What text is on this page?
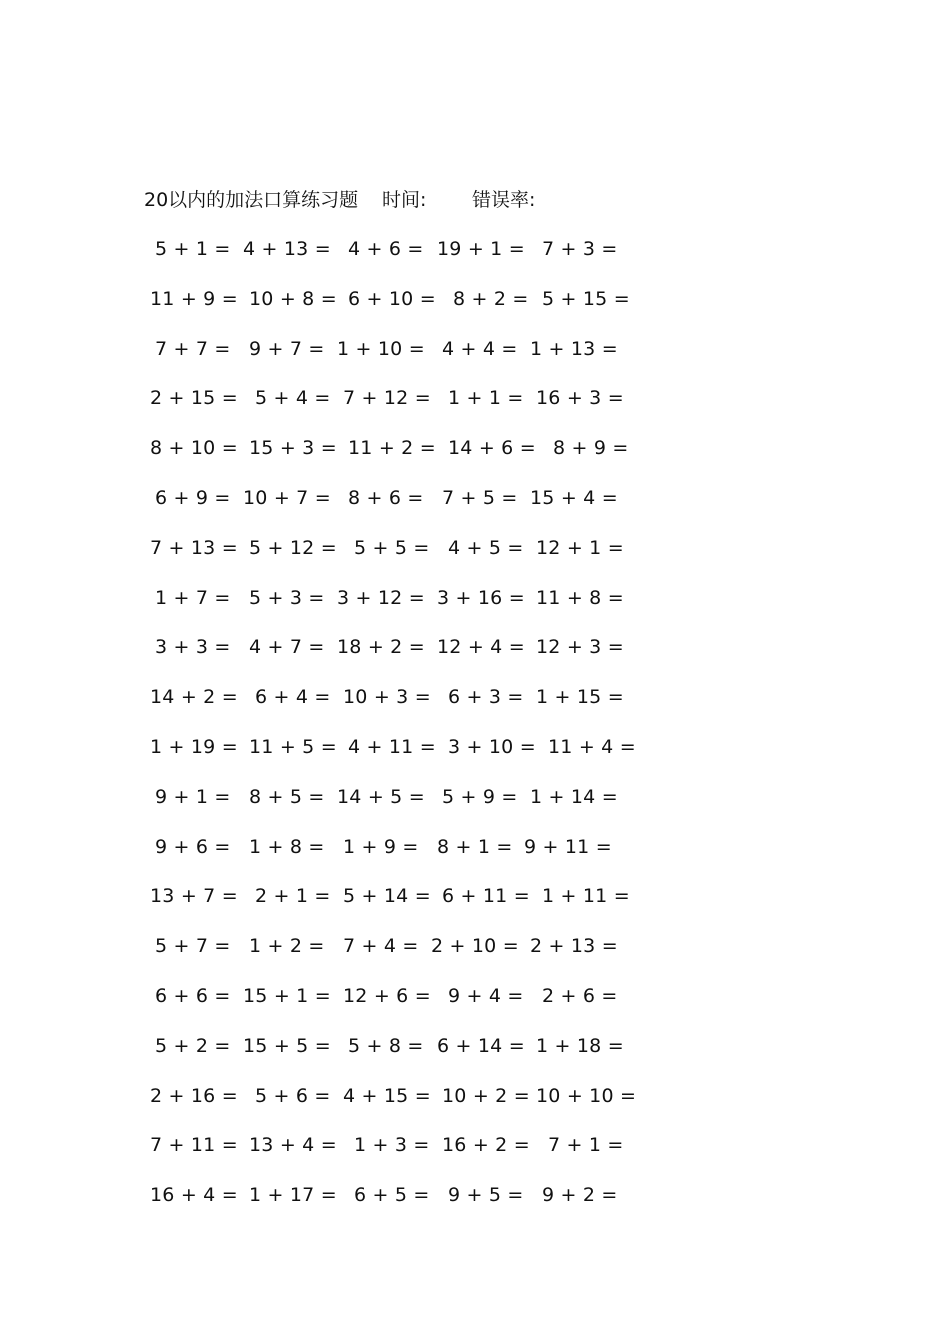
20以内的加法口算练习题 时间: 错误率:
5 + 1 = 4 + 13 = 4 + 6 = 19 + 1 = 7 + 3 =
11 + 9 = 10 + 8 = 6 + 10 = 8 + 2 = 5 + 15 =
7 + 7 = 9 + 7 = 1 + 10 = 4 + 4 = 1 + 13 =
2 + 15 = 5 + 4 = 7 + 12 = 1 + 1 = 16 + 3 =
8 + 10 = 15 + 3 = 11 + 2 = 14 + 6 = 8 + 9 =
6 + 9 = 10 + 7 = 8 + 6 = 7 + 5 = 15 + 4 =
7 + 13 = 5 + 12 = 5 + 5 = 4 + 5 = 12 + 1 =
1 + 7 = 5 + 3 = 3 + 12 = 3 + 16 = 11 + 8 =
3 + 3 = 4 + 7 = 18 + 2 = 12 + 4 = 12 + 3 =
14 + 2 = 6 + 4 = 10 + 3 = 6 + 3 = 1 + 15 =
1 + 19 = 11 + 5 = 4 + 11 = 3 + 10 = 11 + 4 =
9 + 1 = 8 + 5 = 14 + 5 = 5 + 9 = 1 + 14 =
9 + 6 = 1 + 8 = 1 + 9 = 8 + 1 = 9 + 11 =
13 + 7 = 2 + 1 = 5 + 14 = 6 + 11 = 1 + 11 =
5 + 7 = 1 + 2 = 7 + 4 = 2 + 10 = 2 + 13 =
6 + 6 = 15 + 1 = 12 + 6 = 9 + 4 = 2 + 6 =
5 + 2 = 15 + 5 = 5 + 8 = 6 + 14 = 1 + 18 =
2 + 16 = 5 + 6 = 4 + 15 = 10 + 2 = 10 + 10 =
7 + 11 = 13 + 4 = 1 + 3 = 16 + 2 = 7 + 1 =
16 + 4 = 1 + 17 = 6 + 5 = 9 + 5 = 9 + 2 =
